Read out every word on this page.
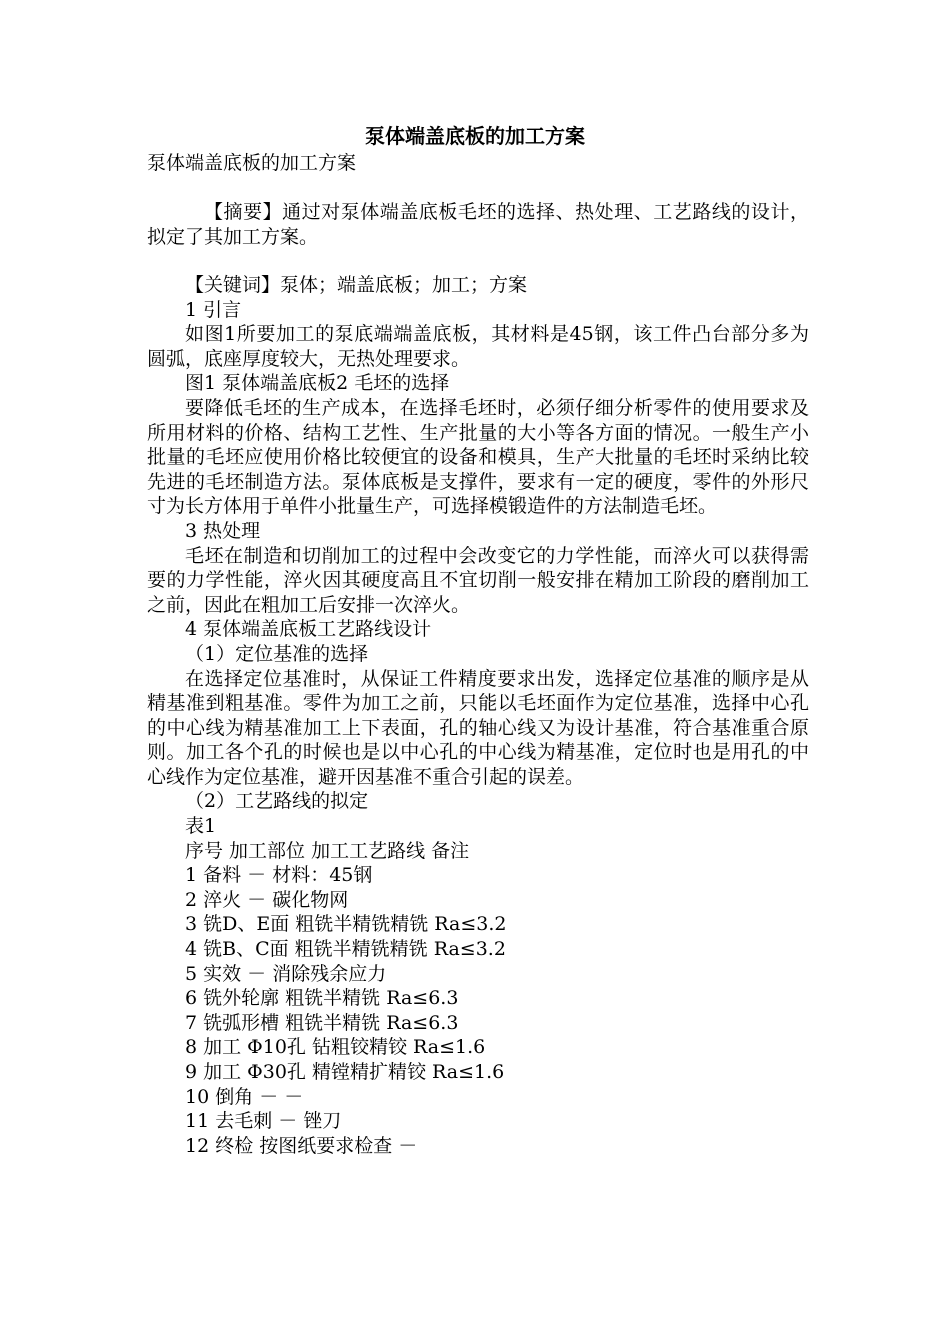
泵体端盖底板的加工方案
泵体端盖底板的加工方案

【摘要】通过对泵体端盖底板毛坯的选择、热处理、工艺路线的设计，拟定了其加工方案。

【关键词】泵体；端盖底板；加工；方案

1 引言

如图1所要加工的泵底端端盖底板，其材料是45钢，该工件凸台部分多为圆弧，底座厚度较大，无热处理要求。

图1 泵体端盖底板2 毛坯的选择

要降低毛坯的生产成本，在选择毛坯时，必须仔细分析零件的使用要求及所用材料的价格、结构工艺性、生产批量的大小等各方面的情况。一般生产小批量的毛坯应使用价格比较便宜的设备和模具，生产大批量的毛坯时采纳比较先进的毛坯制造方法。泵体底板是支撑件，要求有一定的硬度，零件的外形尺寸为长方体用于单件小批量生产，可选择模锻造件的方法制造毛坯。

3 热处理

毛坯在制造和切削加工的过程中会改变它的力学性能，而淬火可以获得需要的力学性能，淬火因其硬度高且不宜切削一般安排在精加工阶段的磨削加工之前，因此在粗加工后安排一次淬火。

4 泵体端盖底板工艺路线设计

（1）定位基准的选择

在选择定位基准时，从保证工件精度要求出发，选择定位基准的顺序是从精基准到粗基准。零件为加工之前，只能以毛坯面作为定位基准，选择中心孔的中心线为精基准加工上下表面，孔的轴心线又为设计基准，符合基准重合原则。加工各个孔的时候也是以中心孔的中心线为精基准，定位时也是用孔的中心线作为定位基准，避开因基准不重合引起的误差。

（2）工艺路线的拟定

表1
序号 加工部位 加工工艺路线 备注
1 备料 － 材料：45钢
2 淬火 － 碳化物网
3 铣D、E面 粗铣半精铣精铣 Ra≤3.2
4 铣B、C面 粗铣半精铣精铣 Ra≤3.2
5 实效 － 消除残余应力
6 铣外轮廓 粗铣半精铣 Ra≤6.3
7 铣弧形槽 粗铣半精铣 Ra≤6.3
8 加工 Φ10孔 钻粗铰精铰 Ra≤1.6
9 加工 Φ30孔 精镗精扩精铰 Ra≤1.6
10 倒角 － －
11 去毛刺 － 锉刀
12 终检 按图纸要求检查 －
